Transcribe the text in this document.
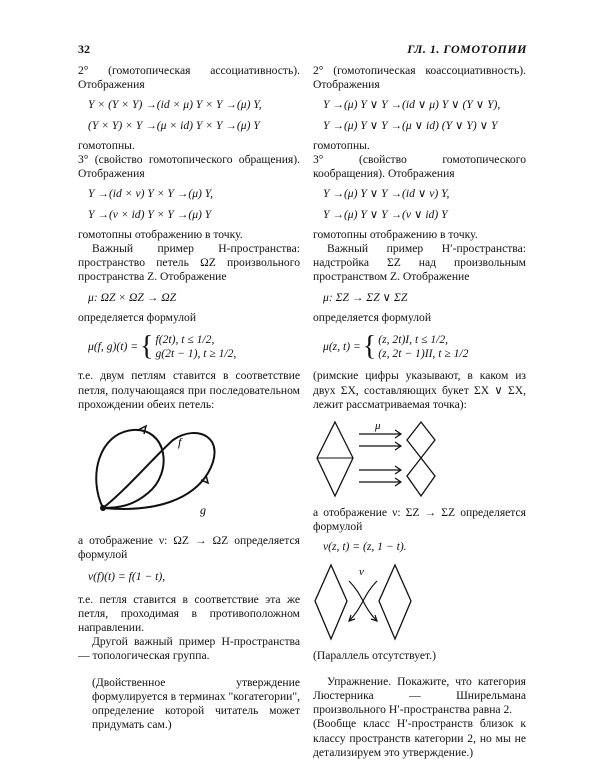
32	ГЛ. 1. ГОМОТОПИИ

2° (гомотопическая ассоциативность). Отображения

Y × (Y × Y) →(id × μ) Y × Y →(μ) Y,
(Y × Y) × Y →(μ × id) Y × Y →(μ) Y

гомотопны.

3° (свойство гомотопического обращения). Отображения

Y →(id × ν) Y × Y →(μ) Y,
Y →(ν × id) Y × Y →(μ) Y

гомотопны отображению в точку.

Важный пример H-пространства: пространство петель ΩZ произвольного пространства Z. Отображение

μ: ΩZ × ΩZ → ΩZ

определяется формулой

μ(f, g)(t) = { f(2t), t ≤ 1/2,
g(2t − 1), t ≥ 1/2,

т.е. двум петлям ставится в соответствие петля, получающаяся при последовательном прохождении обеих петель:

f
g

а отображение ν: ΩZ → ΩZ определяется формулой

ν(f)(t) = f(1 − t),

т.е. петля ставится в соответствие эта же петля, проходимая в противоположном направлении.

Другой важный пример H-пространства — топологическая группа.

(Двойственное утверждение формулируется в терминах "когатегории", определение которой читатель может придумать сам.)

2° (гомотопическая коассоциативность). Отображения

Y →(μ) Y ∨ Y →(id ∨ μ) Y ∨ (Y ∨ Y),
Y →(μ) Y ∨ Y →(μ ∨ id) (Y ∨ Y) ∨ Y

гомотопны.

3° (свойство гомотопического кообращения). Отображения

Y →(μ) Y ∨ Y →(id ∨ ν) Y,
Y →(μ) Y ∨ Y →(ν ∨ id) Y

гомотопны отображению в точку.

Важный пример H′-пространства: надстройка ΣZ над произвольным пространством Z. Отображение

μ: ΣZ → ΣZ ∨ ΣZ

определяется формулой

μ(z, t) = { (z, 2t)I, t ≤ 1/2,
(z, 2t − 1)II, t ≥ 1/2

(римские цифры указывают, в каком из двух ΣX, составляющих букет ΣX ∨ ΣX, лежит рассматриваемая точка):

μ

а отображение ν: ΣZ → ΣZ определяется формулой

ν(z, t) = (z, 1 − t).
ν

(Параллель отсутствует.)

Упражнение. Покажите, что категория Люстерника — Шнирельмана произвольного H′-пространства равна 2.

(Вообще класс H′-пространств близок к классу пространств категории 2, но мы не детализируем это утверждение.)
